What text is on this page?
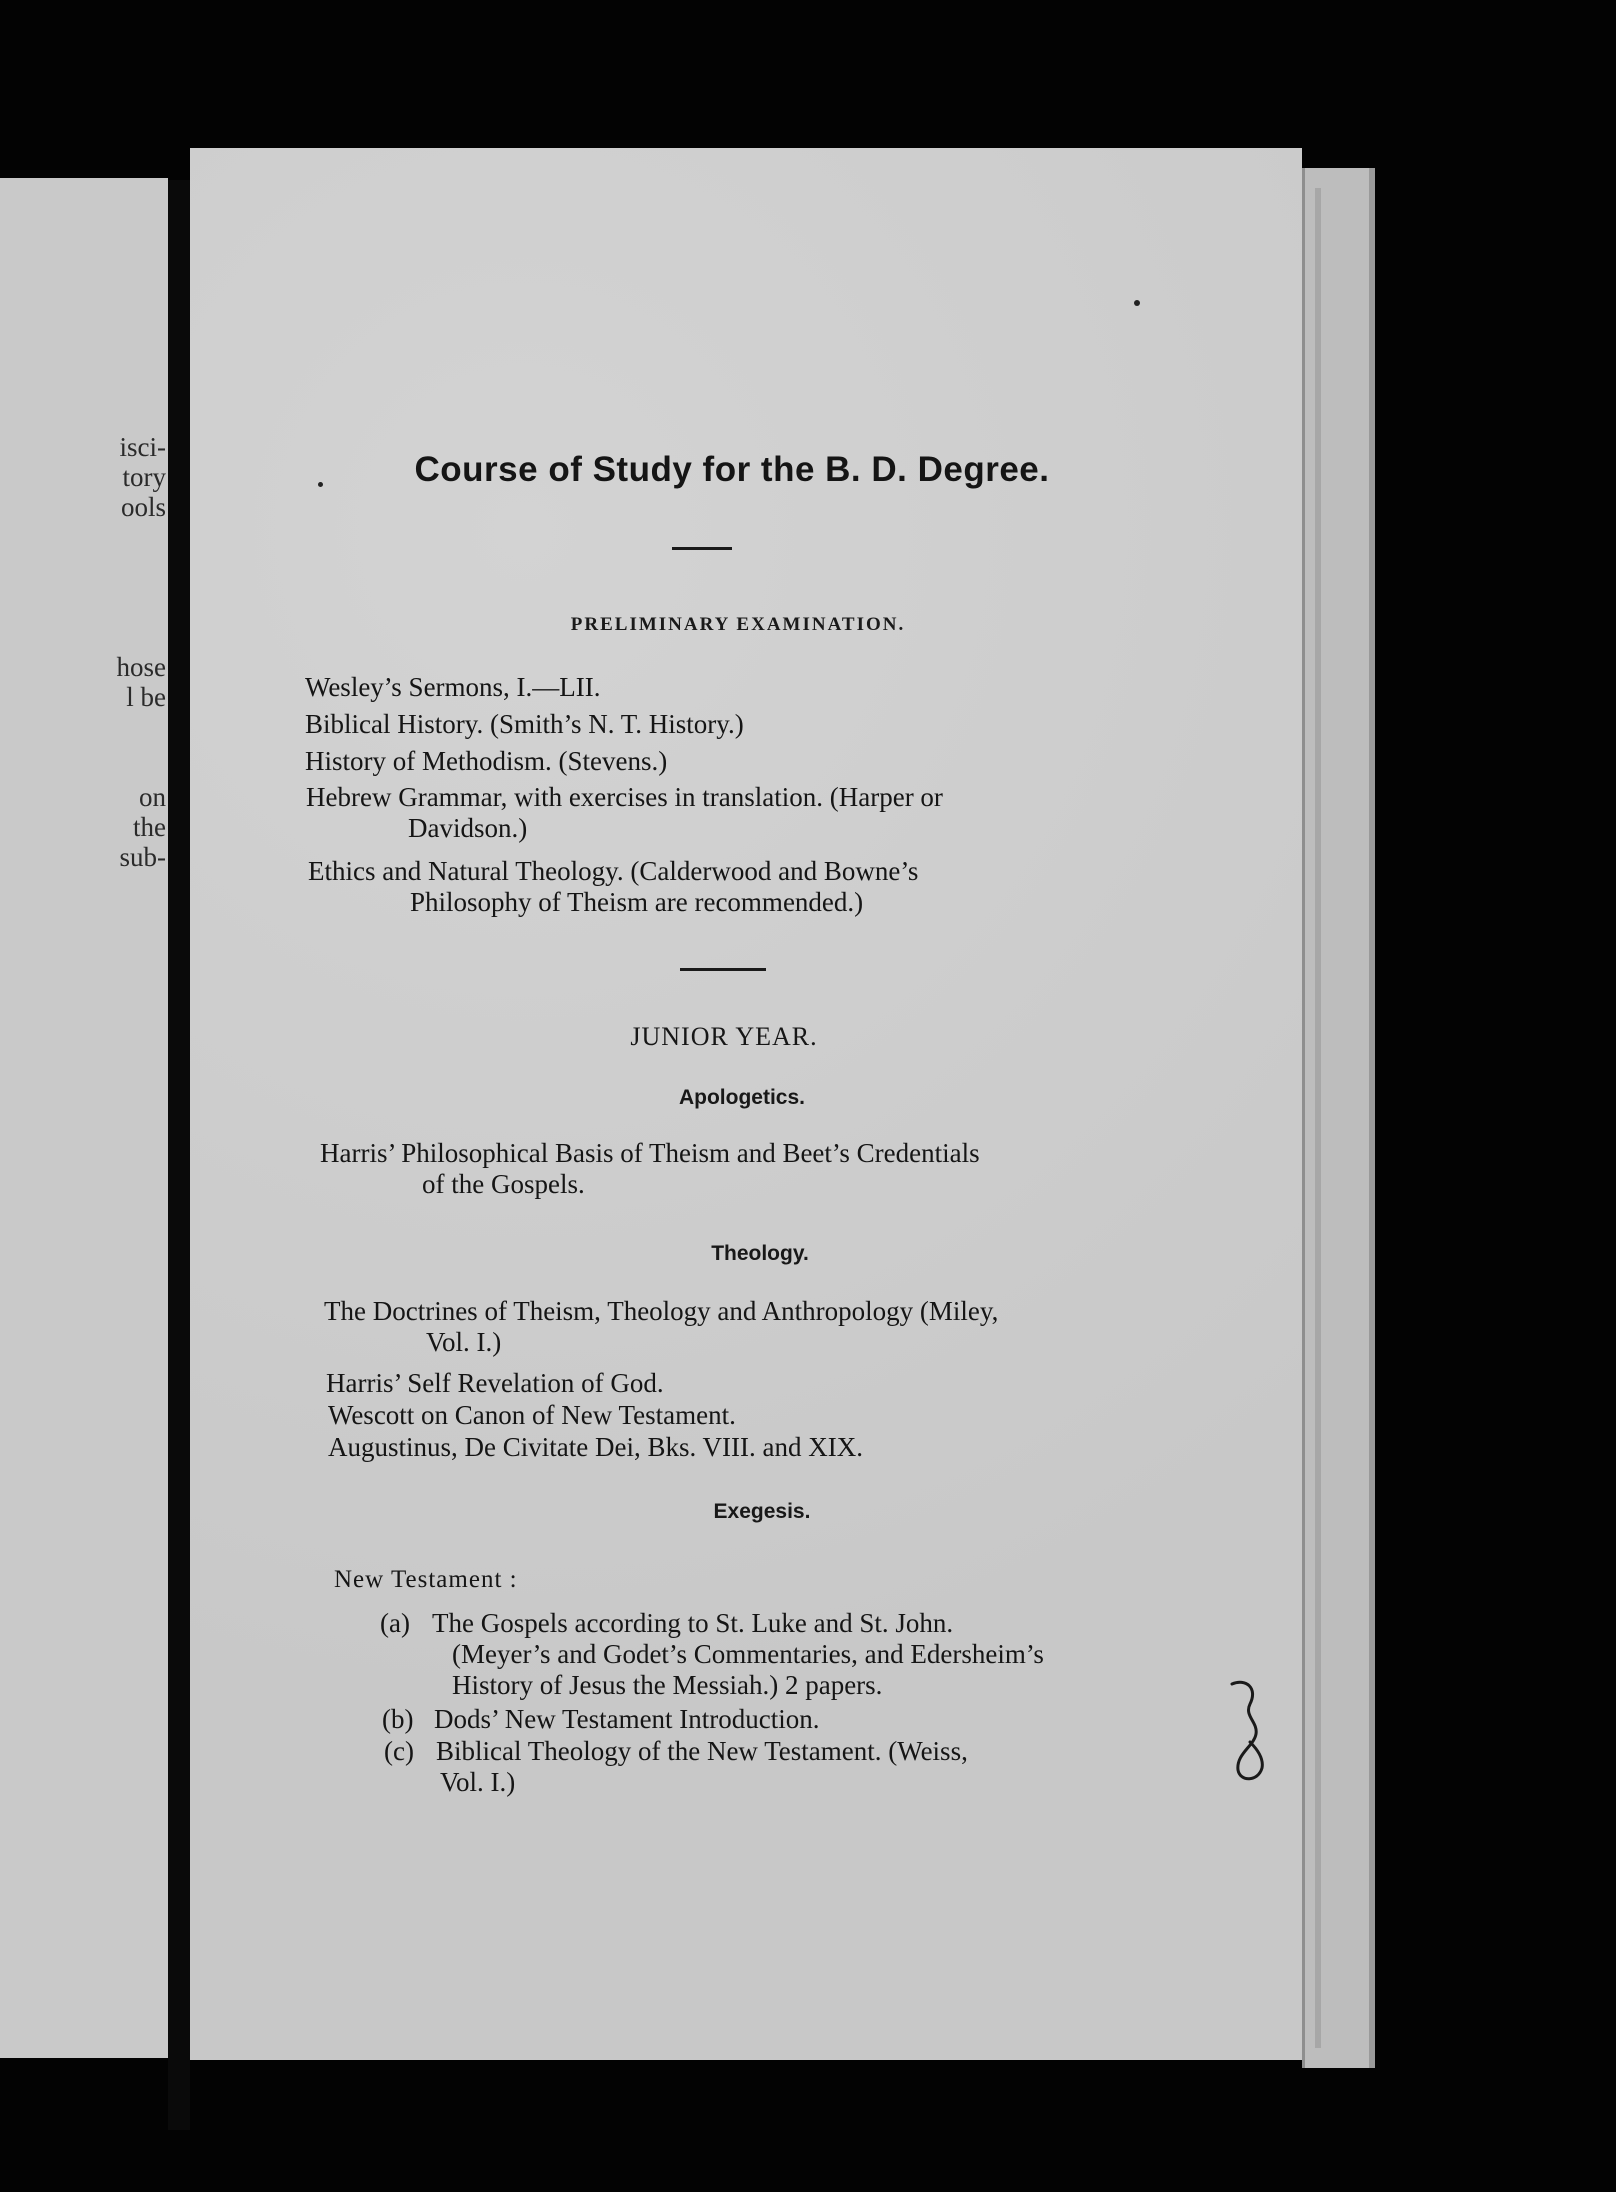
isci-
tory
ools
hose
l be
on
the
sub-
Course of Study for the B. D. Degree.
PRELIMINARY EXAMINATION.
Wesley’s Sermons, I.—LII.
Biblical History. (Smith’s N. T. History.)
History of Methodism. (Stevens.)
Hebrew Grammar, with exercises in translation. (Harper or
Davidson.)
Ethics and Natural Theology. (Calderwood and Bowne’s
Philosophy of Theism are recommended.)
JUNIOR YEAR.
Apologetics.
Harris’ Philosophical Basis of Theism and Beet’s Credentials
of the Gospels.
Theology.
The Doctrines of Theism, Theology and Anthropology (Miley,
Vol. I.)
Harris’ Self Revelation of God.
Wescott on Canon of New Testament.
Augustinus, De Civitate Dei, Bks. VIII. and XIX.
Exegesis.
New Testament :
(a) The Gospels according to St. Luke and St. John.
(Meyer’s and Godet’s Commentaries, and Edersheim’s
History of Jesus the Messiah.) 2 papers.
(b) Dods’ New Testament Introduction.
(c) Biblical Theology of the New Testament. (Weiss,
Vol. I.)
